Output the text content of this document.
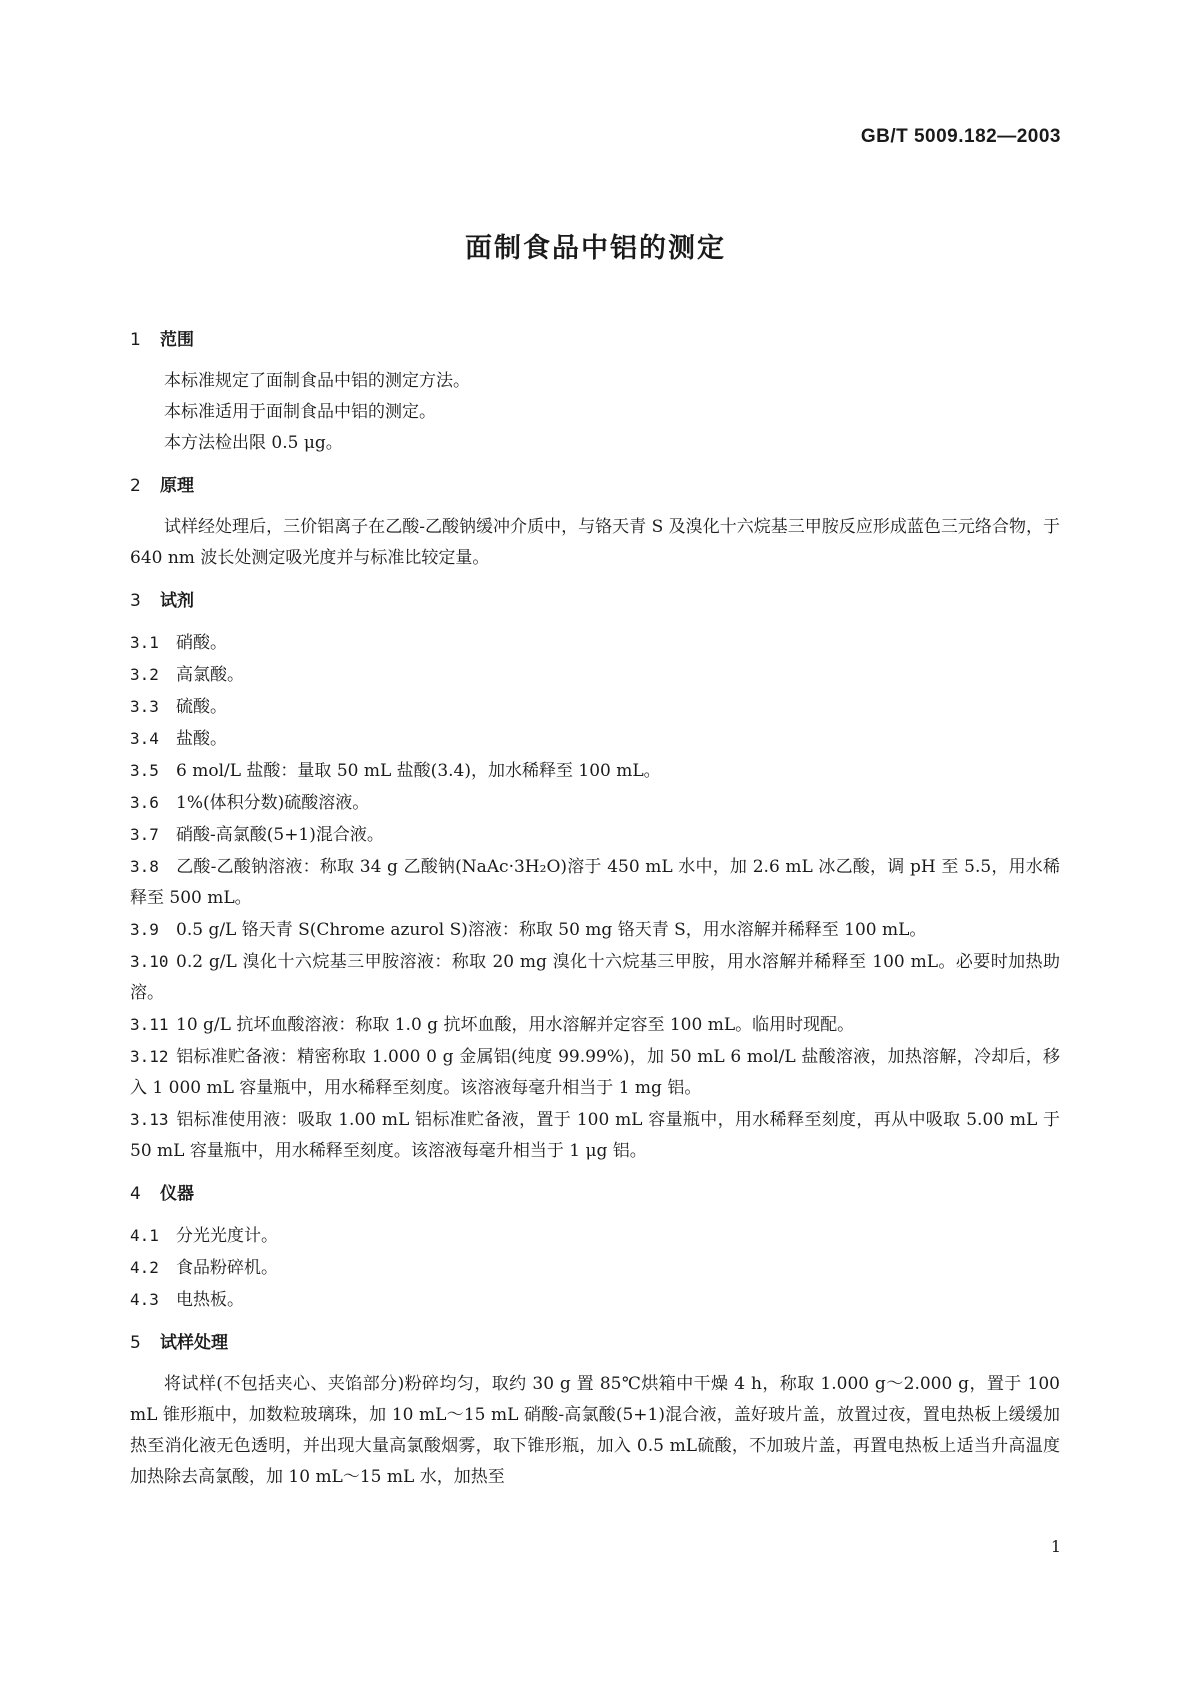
GB/T 5009.182—2003
面制食品中铝的测定

1 范围

本标准规定了面制食品中铝的测定方法。

本标准适用于面制食品中铝的测定。

本方法检出限 0.5 μg。

2 原理

试样经处理后，三价铝离子在乙酸-乙酸钠缓冲介质中，与铬天青 S 及溴化十六烷基三甲胺反应形成蓝色三元络合物，于 640 nm 波长处测定吸光度并与标准比较定量。

3 试剂

3.1 硝酸。

3.2 高氯酸。

3.3 硫酸。

3.4 盐酸。

3.5 6 mol/L 盐酸：量取 50 mL 盐酸(3.4)，加水稀释至 100 mL。

3.6 1%(体积分数)硫酸溶液。

3.7 硝酸-高氯酸(5+1)混合液。

3.8 乙酸-乙酸钠溶液：称取 34 g 乙酸钠(NaAc·3H₂O)溶于 450 mL 水中，加 2.6 mL 冰乙酸，调 pH 至 5.5，用水稀释至 500 mL。

3.9 0.5 g/L 铬天青 S(Chrome azurol S)溶液：称取 50 mg 铬天青 S，用水溶解并稀释至 100 mL。

3.10 0.2 g/L 溴化十六烷基三甲胺溶液：称取 20 mg 溴化十六烷基三甲胺，用水溶解并稀释至 100 mL。必要时加热助溶。

3.11 10 g/L 抗坏血酸溶液：称取 1.0 g 抗坏血酸，用水溶解并定容至 100 mL。临用时现配。

3.12 铝标准贮备液：精密称取 1.000 0 g 金属铝(纯度 99.99%)，加 50 mL 6 mol/L 盐酸溶液，加热溶解，冷却后，移入 1 000 mL 容量瓶中，用水稀释至刻度。该溶液每毫升相当于 1 mg 铝。

3.13 铝标准使用液：吸取 1.00 mL 铝标准贮备液，置于 100 mL 容量瓶中，用水稀释至刻度，再从中吸取 5.00 mL 于 50 mL 容量瓶中，用水稀释至刻度。该溶液每毫升相当于 1 μg 铝。

4 仪器

4.1 分光光度计。

4.2 食品粉碎机。

4.3 电热板。

5 试样处理

将试样(不包括夹心、夹馅部分)粉碎均匀，取约 30 g 置 85℃烘箱中干燥 4 h，称取 1.000 g～2.000 g，置于 100 mL 锥形瓶中，加数粒玻璃珠，加 10 mL～15 mL 硝酸-高氯酸(5+1)混合液，盖好玻片盖，放置过夜，置电热板上缓缓加热至消化液无色透明，并出现大量高氯酸烟雾，取下锥形瓶，加入 0.5 mL硫酸，不加玻片盖，再置电热板上适当升高温度加热除去高氯酸，加 10 mL～15 mL 水，加热至

1
